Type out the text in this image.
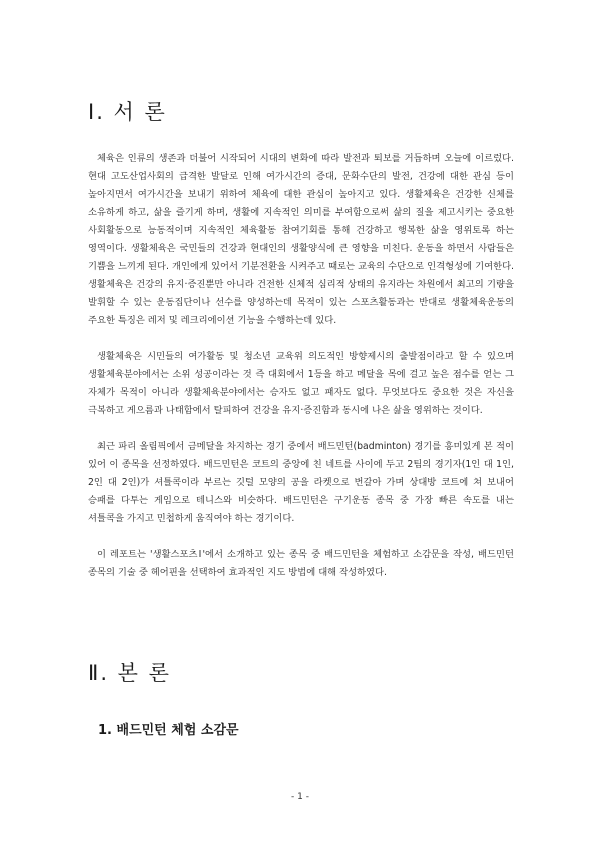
Ⅰ. 서 론

체육은 인류의 생존과 더불어 시작되어 시대의 변화에 따라 발전과 퇴보를 거듭하며 오늘에 이르렀다. 현대 고도산업사회의 급격한 발달로 인해 여가시간의 증대, 문화수단의 발전, 건강에 대한 관심 등이 높아지면서 여가시간을 보내기 위하여 체육에 대한 관심이 높아지고 있다. 생활체육은 건강한 신체를 소유하게 하고, 삶을 즐기게 하며, 생활에 지속적인 의미를 부여함으로써 삶의 질을 제고시키는 중요한 사회활동으로 능동적이며 지속적인 체육활동 참여기회를 통해 건강하고 행복한 삶을 영위토록 하는 영역이다. 생활체육은 국민들의 건강과 현대인의 생활양식에 큰 영향을 미친다. 운동을 하면서 사람들은 기쁨을 느끼게 된다. 개인에게 있어서 기분전환을 시켜주고 때로는 교육의 수단으로 인격형성에 기여한다. 생활체육은 건강의 유지·증진뿐만 아니라 건전한 신체적 심리적 상태의 유지라는 차원에서 최고의 기량을 발휘할 수 있는 운동집단이나 선수를 양성하는데 목적이 있는 스포츠활동과는 반대로 생활체육운동의 주요한 특징은 레저 및 레크리에이션 기능을 수행하는데 있다.

생활체육은 시민들의 여가활동 및 청소년 교육위 의도적인 방향제시의 출발점이라고 할 수 있으며 생활체육분야에서는 소위 성공이라는 것 즉 대회에서 1등을 하고 메달을 목에 걸고 높은 점수를 얻는 그 자체가 목적이 아니라 생활체육분야에서는 승자도 없고 패자도 없다. 무엇보다도 중요한 것은 자신을 극복하고 게으름과 나태함에서 탈피하여 건강을 유지·증진함과 동시에 나은 삶을 영위하는 것이다.

최근 파리 올림픽에서 금메달을 차지하는 경기 중에서 배드민턴(badminton) 경기를 흥미있게 본 적이 있어 이 종목을 선정하였다. 배드민턴은 코트의 중앙에 친 네트를 사이에 두고 2팀의 경기자(1인 대 1인, 2인 대 2인)가 셔틀콕이라 부르는 깃털 모양의 공을 라켓으로 번갈아 가며 상대방 코트에 쳐 보내어 승패를 다투는 게임으로 테니스와 비슷하다. 배드민턴은 구기운동 종목 중 가장 빠른 속도를 내는 셔틀콕을 가지고 민첩하게 움직여야 하는 경기이다.

이 레포트는 '생활스포츠Ⅰ'에서 소개하고 있는 종목 중 배드민턴을 체험하고 소감문을 작성, 배드민턴 종목의 기술 중 헤어핀을 선택하여 효과적인 지도 방법에 대해 작성하였다.

Ⅱ. 본 론
1. 배드민턴 체험 소감문
- 1 -
